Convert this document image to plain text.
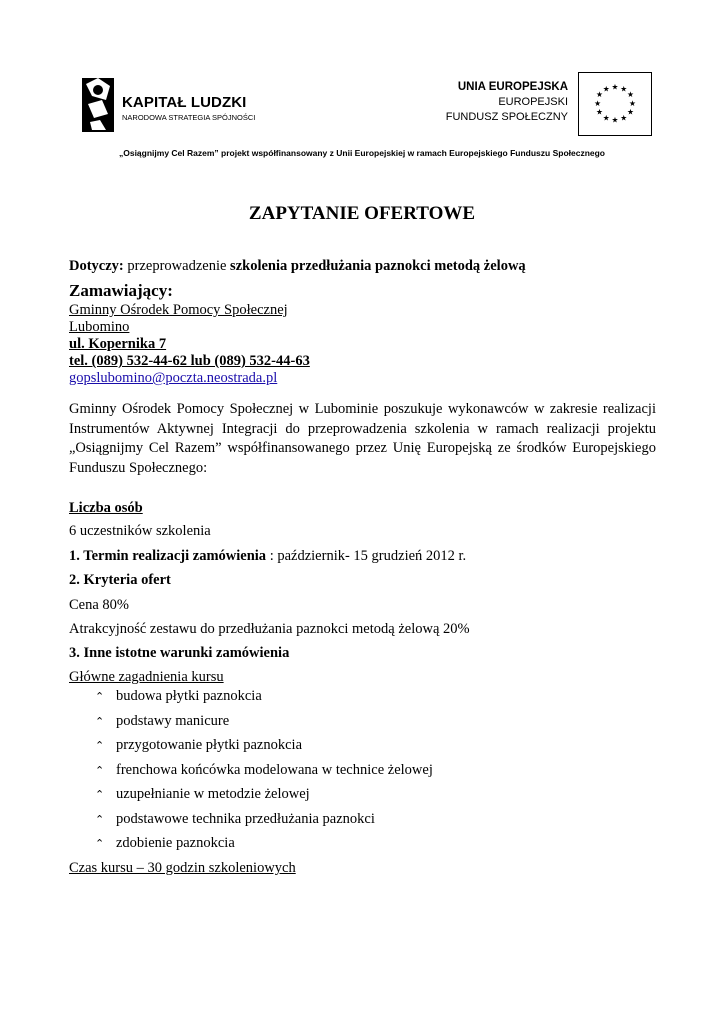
KAPITAŁ LUDZKI
NARODOWA STRATEGIA SPÓJNOŚCI
UNIA EUROPEJSKA
EUROPEJSKI
FUNDUSZ SPOŁECZNY
★ ★
★
★
★
★
★
★
★
★
★
★
„Osiągnijmy Cel Razem” projekt współfinansowany z Unii Europejskiej w ramach Europejskiego Funduszu Społecznego
ZAPYTANIE OFERTOWE
Dotyczy: przeprowadzenie szkolenia przedłużania paznokci metodą żelową
Zamawiający:
Gminny Ośrodek Pomocy Społecznej
Lubomino
ul. Kopernika 7
tel. (089) 532-44-62 lub (089) 532-44-63
gopslubomino@poczta.neostrada.pl
Gminny Ośrodek Pomocy Społecznej w Lubominie poszukuje wykonawców w zakresie realizacji Instrumentów Aktywnej Integracji do przeprowadzenia szkolenia w ramach realizacji projektu „Osiągnijmy Cel Razem” współfinansowanego przez Unię Europejską ze środków Europejskiego Funduszu Społecznego:
Liczba osób
6 uczestników szkolenia
1. Termin realizacji zamówienia : październik- 15 grudzień 2012 r.
2. Kryteria ofert
Cena 80%
Atrakcyjność zestawu do przedłużania paznokci metodą żelową 20%
3. Inne istotne warunki zamówienia
Główne zagadnienia kursu
⌃ budowa płytki paznokcia
⌃ podstawy manicure
⌃ przygotowanie płytki paznokcia
⌃ frenchowa końcówka modelowana w technice żelowej
⌃ uzupełnianie w metodzie żelowej
⌃ podstawowe technika przedłużania paznokci
⌃ zdobienie paznokcia
Czas kursu – 30 godzin szkoleniowych
